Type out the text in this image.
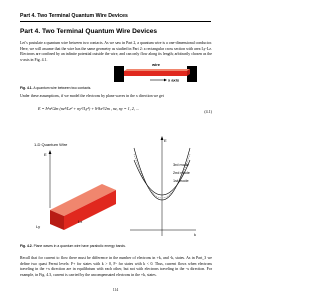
Part 4. Two Terminal Quantum Wire Devices
Part 4. Two Terminal Quantum Wire Devices
Let’s postulate a quantum wire between two contacts. As we saw in Part 2, a quantum wire is a one-dimensional conductor. Here, we will assume that the wire has the same geometry as studied in Part 2: a rectangular cross section with area Ly·Lz. Electrons are confined by an infinite potential outside the wire, and can only flow along its length; arbitrarily chosen as the x-axis in Fig. 4.1.
wire
x axis
Fig. 4.1. A quantum wire between two contacts.
Under these assumptions, if we model the electrons by plane waves in the x direction we get
E = ħ²π²/2m (nz²/Lz² + ny²/Ly²) + ħ²kx²/2m , nz, ny = 1, 2, ...
(4.1)
1-D Quantum Wire
E
Lx
Ly
E
k
3rd mode
2nd mode
1st mode
Fig. 4.2. Plane waves in a quantum wire have parabolic energy bands.
Recall that for current to flow there must be difference in the number of electrons in +k, and -k, states. As in Part_3 we define two quasi Fermi levels: F+ for states with k > 0, F- for states with k < 0. Thus, current flows when electrons traveling in the +x direction are in equilibrium with each other, but not with electrons traveling in the -x direction. For example, in Fig. 4.3, current is carried by the uncompensated electrons in the +k, states.
114
